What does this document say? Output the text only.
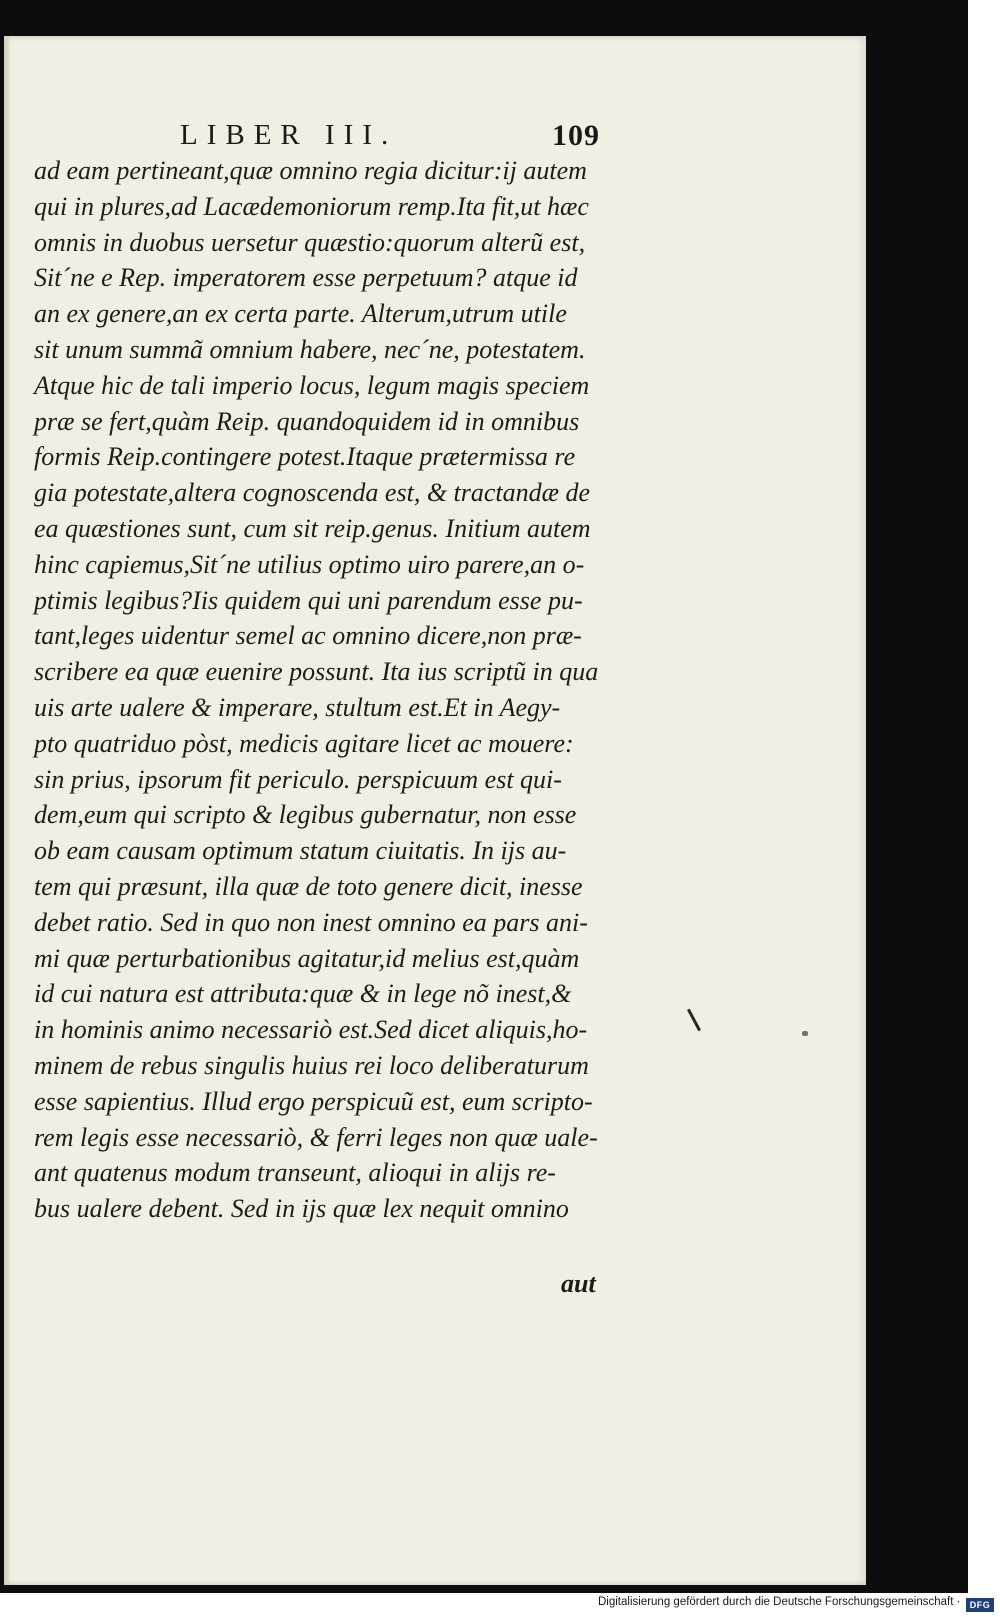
LIBER III.	109
ad eam pertineant,quæ omnino regia dicitur:ij autem
qui in plures,ad Lacædemoniorum remp.Ita fit,ut hæc
omnis in duobus uersetur quæstio:quorum alterũ est,
Sit´ne e Rep. imperatorem esse perpetuum? atque id
an ex genere,an ex certa parte. Alterum,utrum utile
sit unum summã omnium habere, nec´ne, potestatem.
Atque hic de tali imperio locus, legum magis speciem
præ se fert,quàm Reip. quandoquidem id in omnibus
formis Reip.contingere potest.Itaque prætermissa re
gia potestate,altera cognoscenda est, & tractandæ de
ea quæstiones sunt, cum sit reip.genus. Initium autem
hinc capiemus,Sit´ne utilius optimo uiro parere,an o-
ptimis legibus?Iis quidem qui uni parendum esse pu-
tant,leges uidentur semel ac omnino dicere,non præ-
scribere ea quæ euenire possunt. Ita ius scriptũ in qua
uis arte ualere & imperare, stultum est.Et in Aegy-
pto quatriduo pòst, medicis agitare licet ac mouere:
sin prius, ipsorum fit periculo. perspicuum est qui-
dem,eum qui scripto & legibus gubernatur, non esse
ob eam causam optimum statum ciuitatis. In ijs au-
tem qui præsunt, illa quæ de toto genere dicit, inesse
debet ratio. Sed in quo non inest omnino ea pars ani-
mi quæ perturbationibus agitatur,id melius est,quàm
id cui natura est attributa:quæ & in lege nõ inest,&
in hominis animo necessariò est.Sed dicet aliquis,ho-
minem de rebus singulis huius rei loco deliberaturum
esse sapientius. Illud ergo perspicuũ est, eum scripto-
rem legis esse necessariò, & ferri leges non quæ uale-
ant quatenus modum transeunt, alioqui in alijs re-
bus ualere debent. Sed in ijs quæ lex nequit omnino
aut
Digitalisierung gefördert durch die Deutsche Forschungsgemeinschaft ·	DFG
